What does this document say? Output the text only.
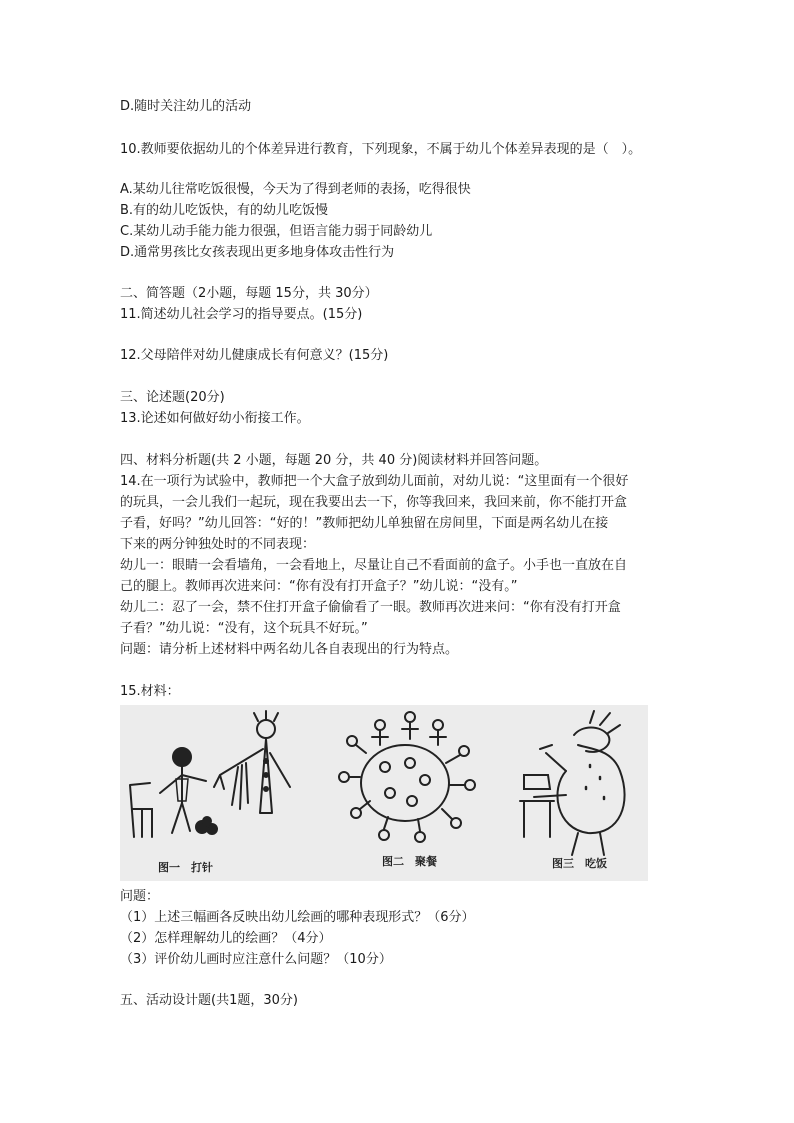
D.随时关注幼儿的活动
10.教师要依据幼儿的个体差异进行教育，下列现象，不属于幼儿个体差异表现的是（　）。
A.某幼儿往常吃饭很慢，今天为了得到老师的表扬，吃得很快
B.有的幼儿吃饭快，有的幼儿吃饭慢
C.某幼儿动手能力能力很强，但语言能力弱于同龄幼儿
D.通常男孩比女孩表现出更多地身体攻击性行为
二、简答题（2小题，每题 15分，共 30分）
11.简述幼儿社会学习的指导要点。(15分)
12.父母陪伴对幼儿健康成长有何意义？(15分)
三、论述题(20分)
13.论述如何做好幼小衔接工作。
四、材料分析题(共 2 小题，每题 20 分，共 40 分)阅读材料并回答问题。
14.在一项行为试验中，教师把一个大盒子放到幼儿面前，对幼儿说：“这里面有一个很好
的玩具，一会儿我们一起玩，现在我要出去一下，你等我回来，我回来前，你不能打开盒
子看，好吗？”幼儿回答：“好的！”教师把幼儿单独留在房间里，下面是两名幼儿在接
下来的两分钟独处时的不同表现：
幼儿一：眼睛一会看墙角，一会看地上，尽量让自己不看面前的盒子。小手也一直放在自
己的腿上。教师再次进来问：“你有没有打开盒子？”幼儿说：“没有。”
幼儿二：忍了一会，禁不住打开盒子偷偷看了一眼。教师再次进来问：“你有没有打开盒
子看？”幼儿说：“没有，这个玩具不好玩。”
问题：请分析上述材料中两名幼儿各自表现出的行为特点。
15.材料：
图一　打针	图二　聚餐	图三　吃饭
问题：
（1）上述三幅画各反映出幼儿绘画的哪种表现形式？（6分）
（2）怎样理解幼儿的绘画？（4分）
（3）评价幼儿画时应注意什么问题？（10分）
五、活动设计题(共1题，30分)
